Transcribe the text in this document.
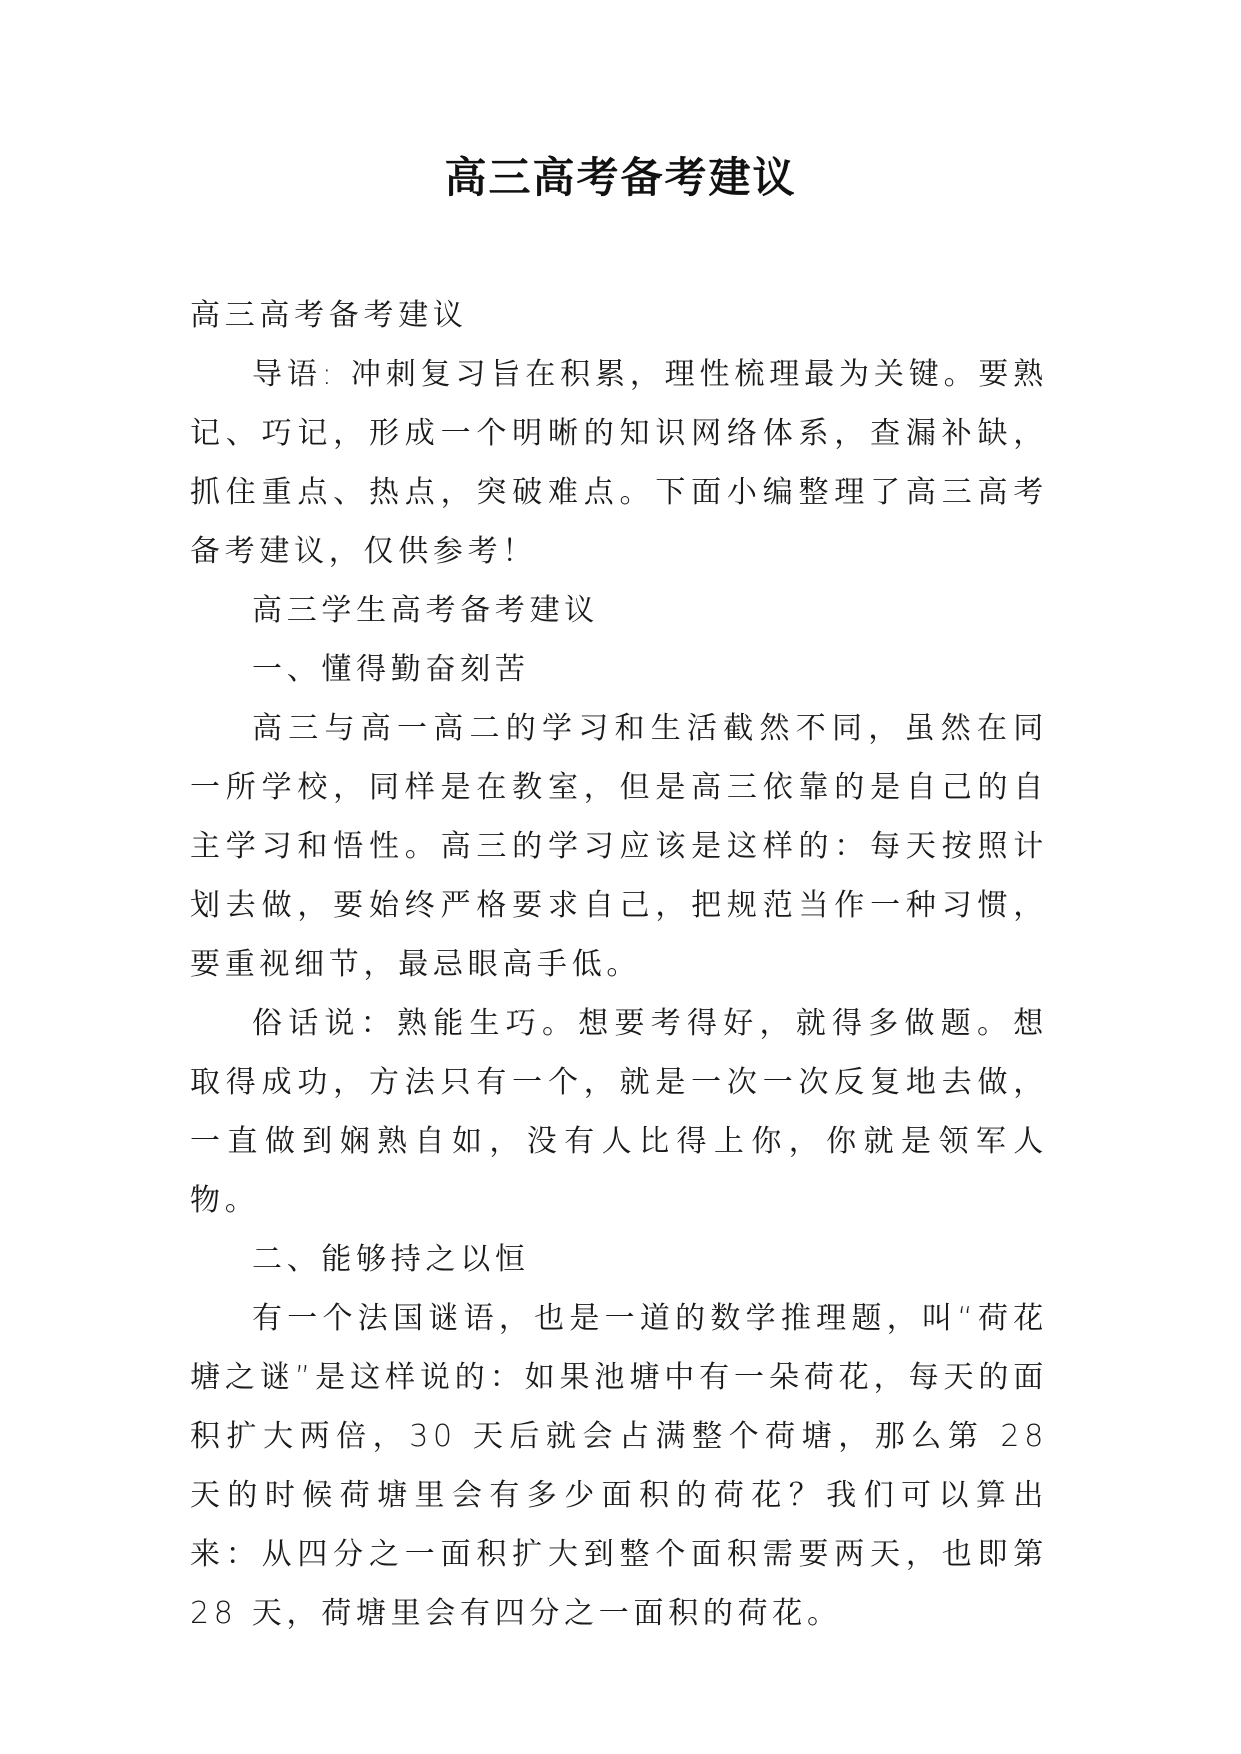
高三高考备考建议

高三高考备考建议

导语: 冲刺复习旨在积累，理性梳理最为关键。要熟记、巧记，形成一个明晰的知识网络体系，查漏补缺，抓住重点、热点，突破难点。下面小编整理了高三高考备考建议，仅供参考！

高三学生高考备考建议

一、懂得勤奋刻苦

高三与高一高二的学习和生活截然不同，虽然在同一所学校，同样是在教室，但是高三依靠的是自己的自主学习和悟性。高三的学习应该是这样的：每天按照计划去做，要始终严格要求自己，把规范当作一种习惯，要重视细节，最忌眼高手低。

俗话说：熟能生巧。想要考得好，就得多做题。想取得成功，方法只有一个，就是一次一次反复地去做，一直做到娴熟自如，没有人比得上你，你就是领军人物。

二、能够持之以恒

有一个法国谜语，也是一道的数学推理题，叫“荷花塘之谜”是这样说的：如果池塘中有一朵荷花，每天的面积扩大两倍，30 天后就会占满整个荷塘，那么第 28 天的时候荷塘里会有多少面积的荷花？我们可以算出来：从四分之一面积扩大到整个面积需要两天，也即第 28 天，荷塘里会有四分之一面积的荷花。
